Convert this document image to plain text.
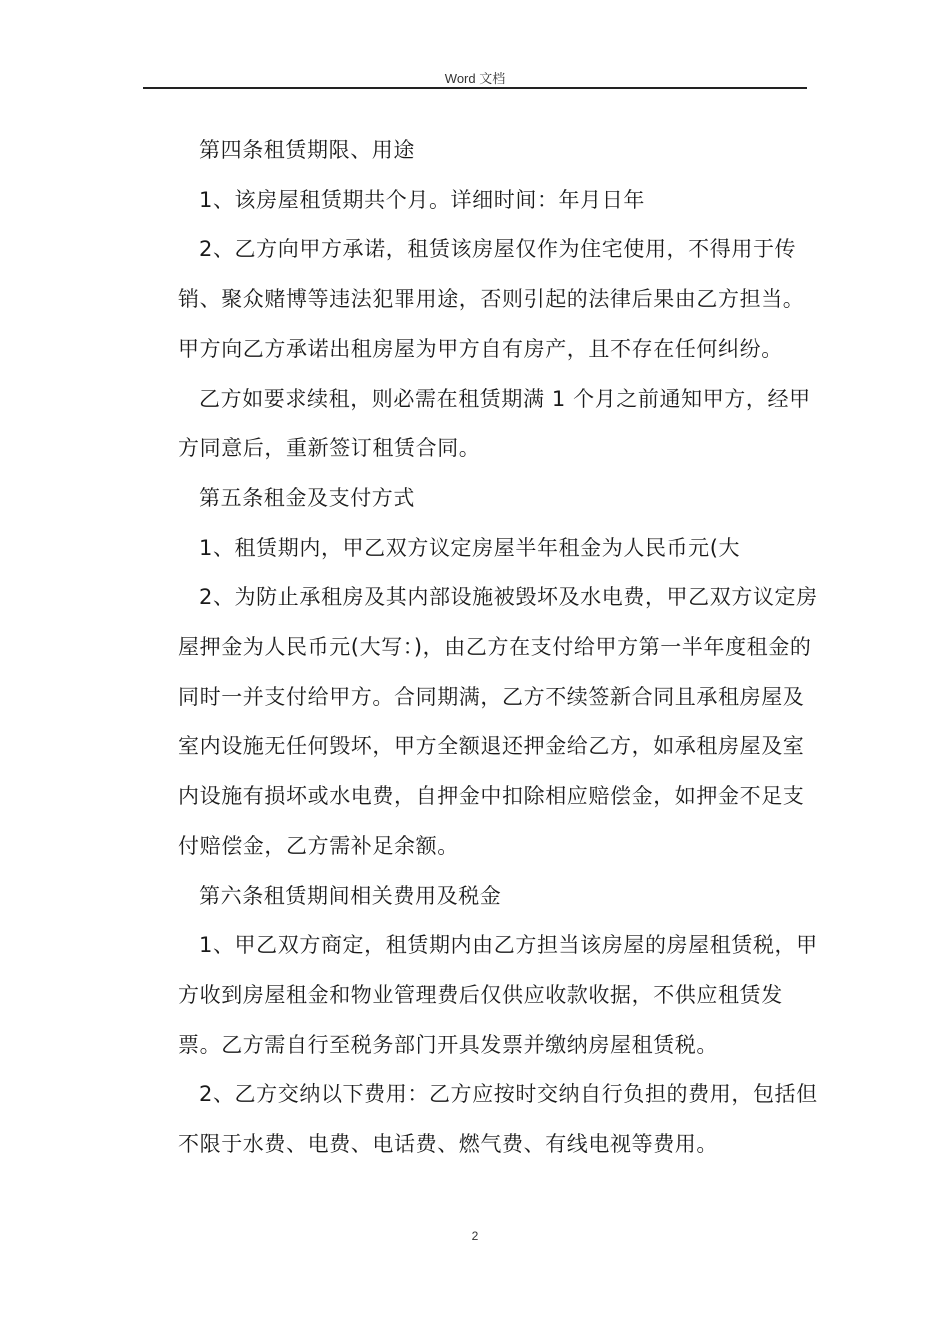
Word 文档

第四条租赁期限、用途

1、该房屋租赁期共个月。详细时间：年月日年

2、乙方向甲方承诺，租赁该房屋仅作为住宅使用，不得用于传销、聚众赌博等违法犯罪用途，否则引起的法律后果由乙方担当。甲方向乙方承诺出租房屋为甲方自有房产，且不存在任何纠纷。

乙方如要求续租，则必需在租赁期满 1 个月之前通知甲方，经甲方同意后，重新签订租赁合同。

第五条租金及支付方式

1、租赁期内，甲乙双方议定房屋半年租金为人民币元(大

2、为防止承租房及其内部设施被毁坏及水电费，甲乙双方议定房屋押金为人民币元(大写：)，由乙方在支付给甲方第一半年度租金的同时一并支付给甲方。合同期满，乙方不续签新合同且承租房屋及室内设施无任何毁坏，甲方全额退还押金给乙方，如承租房屋及室内设施有损坏或水电费，自押金中扣除相应赔偿金，如押金不足支付赔偿金，乙方需补足余额。

第六条租赁期间相关费用及税金

1、甲乙双方商定，租赁期内由乙方担当该房屋的房屋租赁税，甲方收到房屋租金和物业管理费后仅供应收款收据，不供应租赁发票。乙方需自行至税务部门开具发票并缴纳房屋租赁税。

2、乙方交纳以下费用：乙方应按时交纳自行负担的费用，包括但不限于水费、电费、电话费、燃气费、有线电视等费用。

2
